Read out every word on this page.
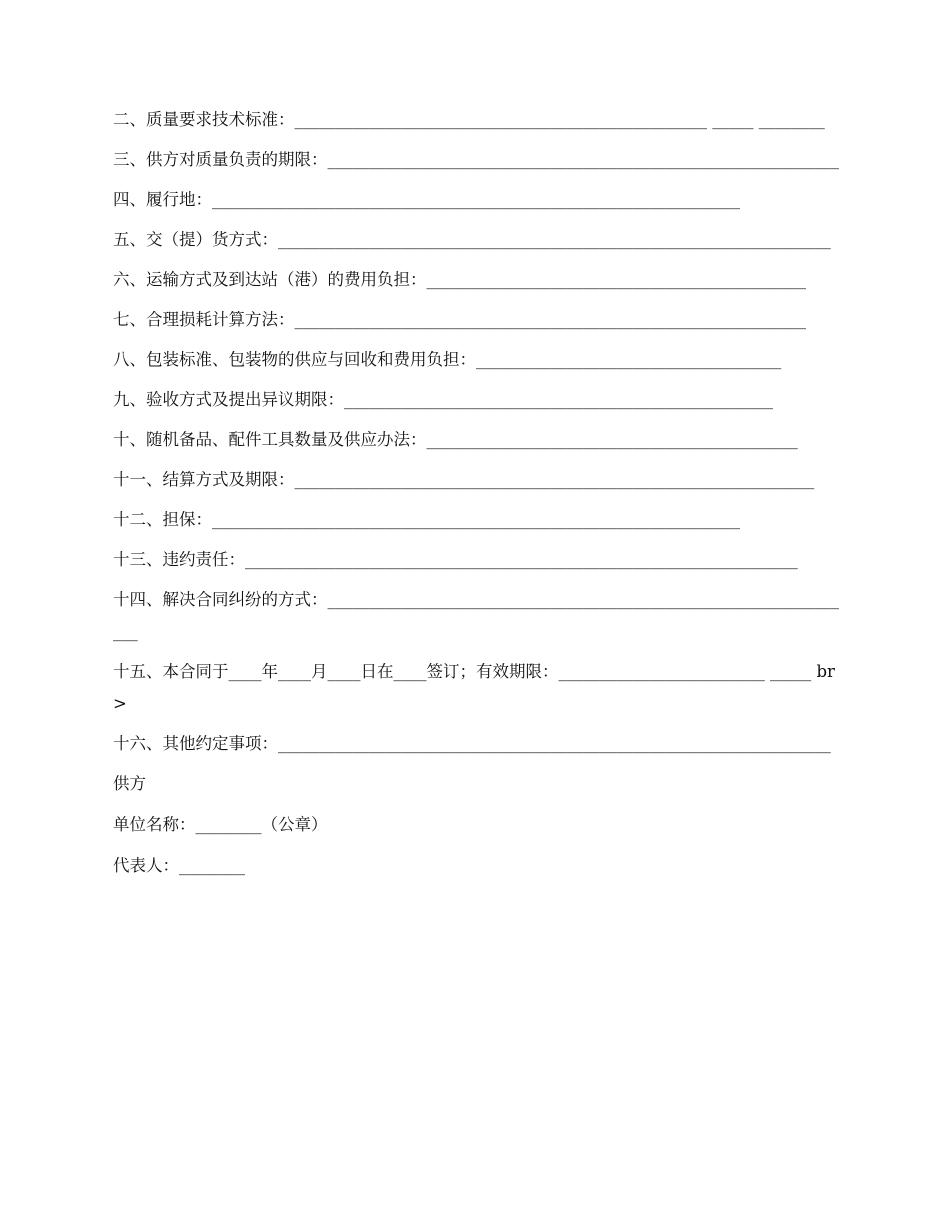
二、质量要求技术标准：__________________________________________________ _____ ________

三、供方对质量负责的期限：______________________________________________________________

四、履行地：________________________________________________________________

五、交（提）货方式：___________________________________________________________________

六、运输方式及到达站（港）的费用负担：______________________________________________

七、合理损耗计算方法：______________________________________________________________

八、包装标准、包装物的供应与回收和费用负担：_____________________________________

九、验收方式及提出异议期限：____________________________________________________

十、随机备品、配件工具数量及供应办法：_____________________________________________

十一、结算方式及期限：_______________________________________________________________

十二、担保：________________________________________________________________

十三、违约责任：___________________________________________________________________

十四、解决合同纠纷的方式：_________________________________________________________________

十五、本合同于____年____月____日在____签订；有效期限：_________________________ _____ br>

十六、其他约定事项：___________________________________________________________________

供方

单位名称：________（公章）

代表人：________
